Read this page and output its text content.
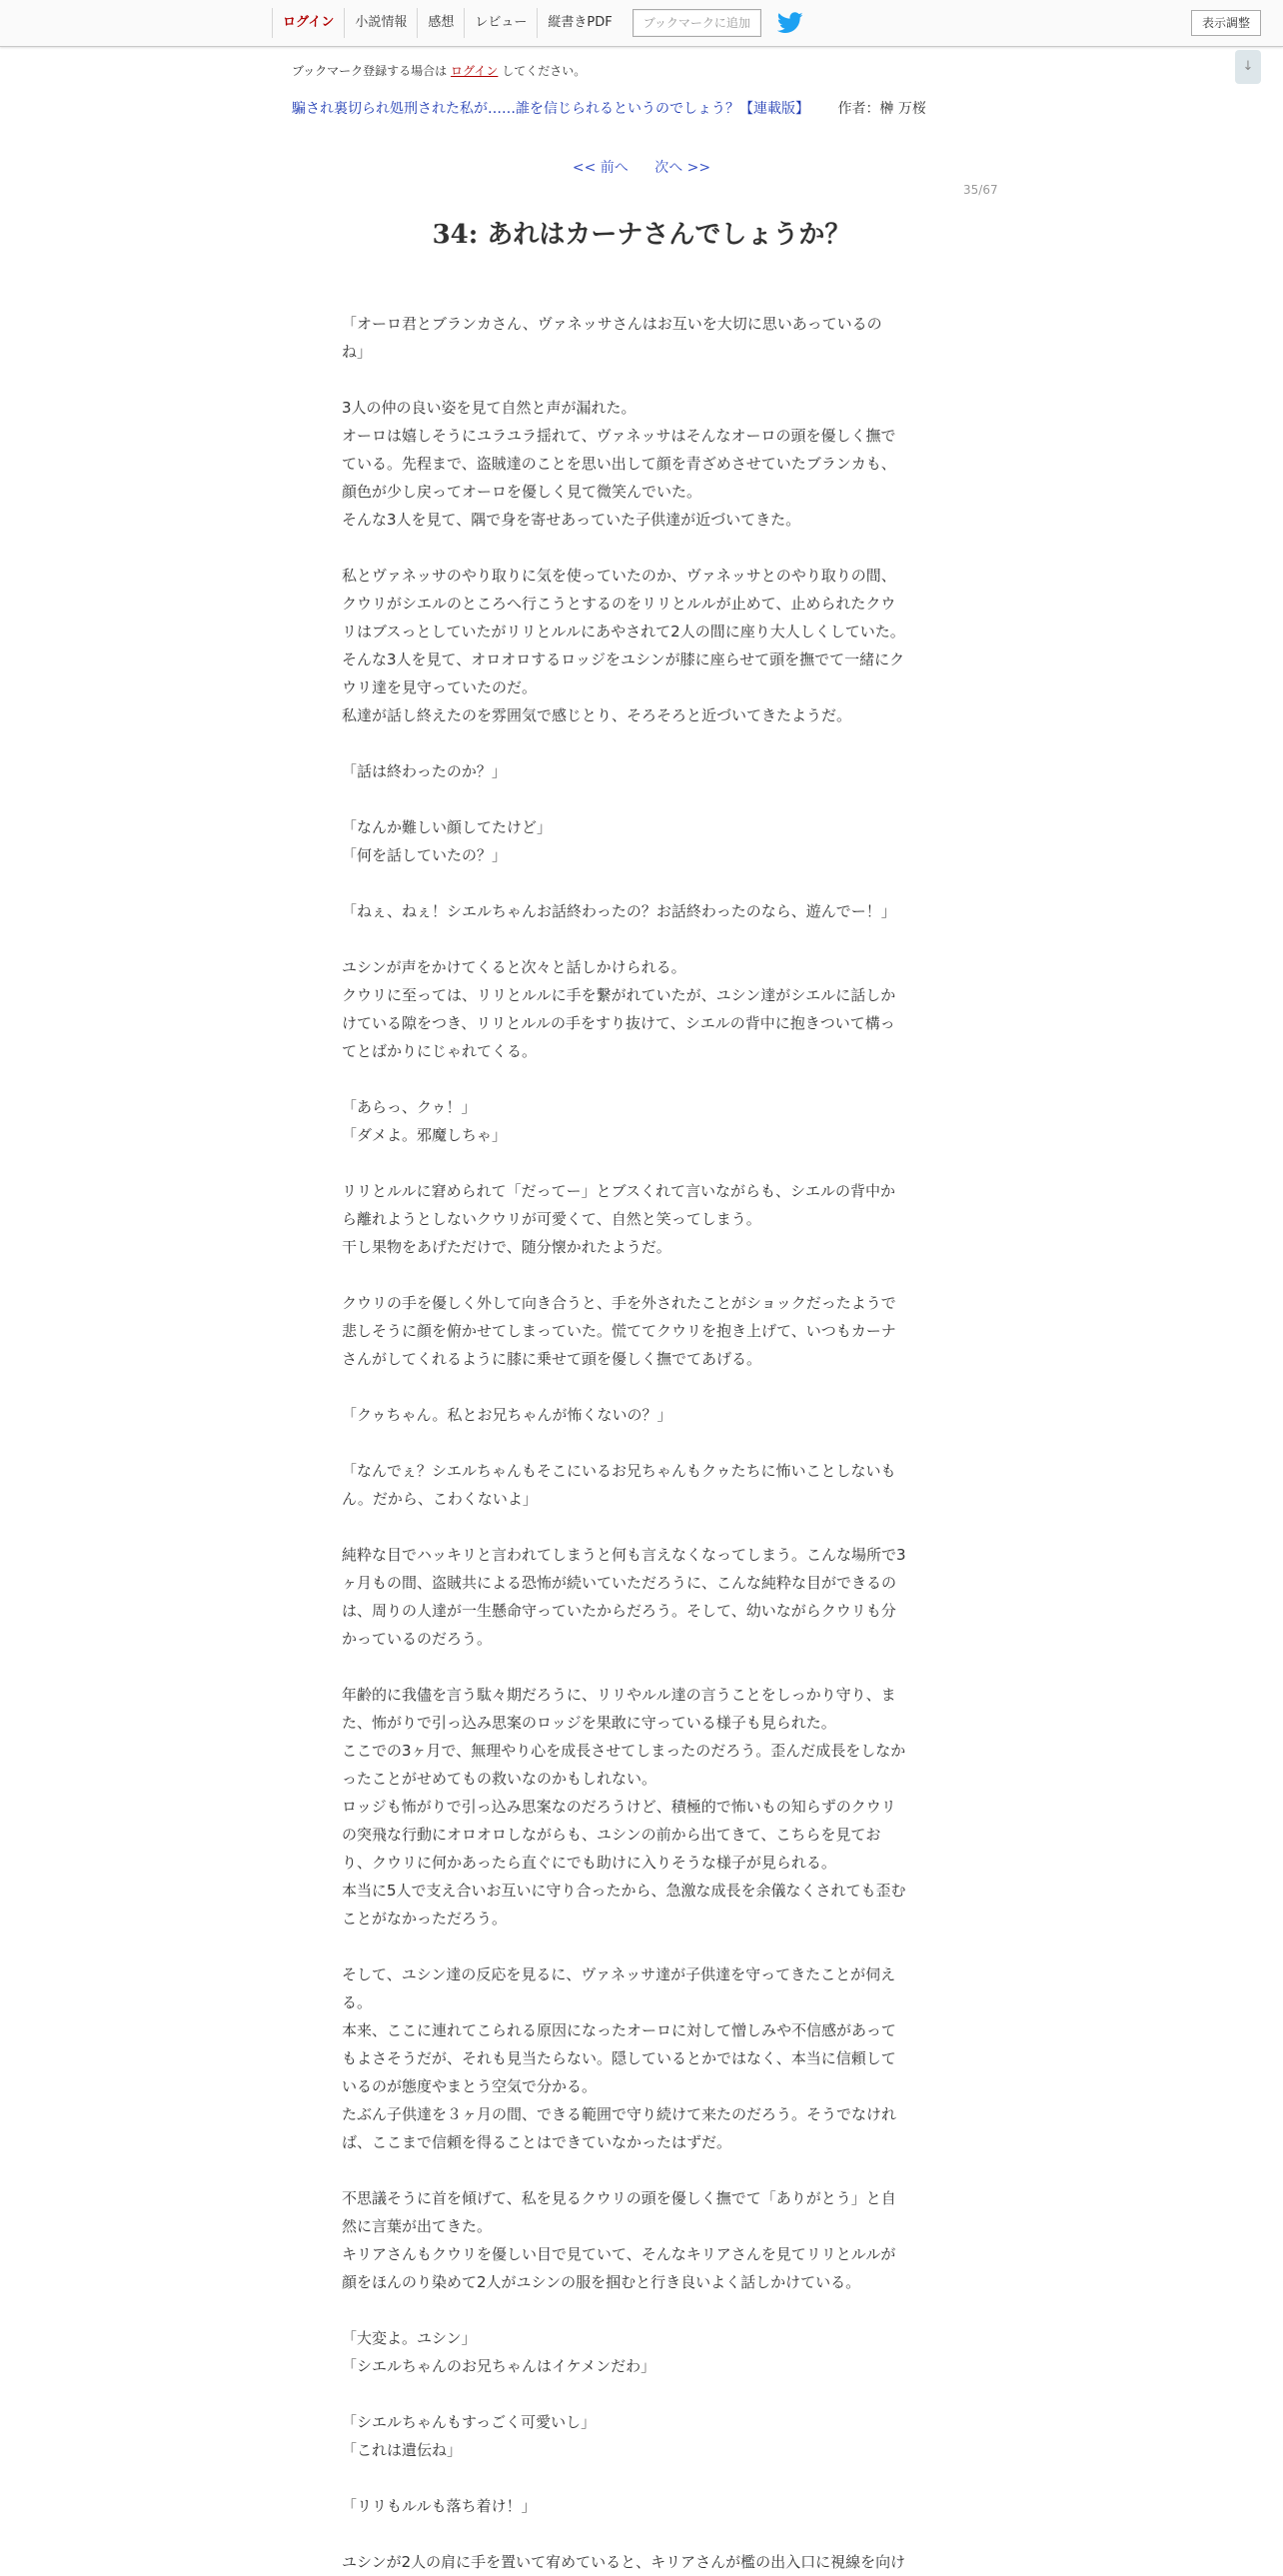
ログイン	小説情報	感想	レビュー	縦書きPDF	ブックマークに追加	表示調整
↓
ブックマーク登録する場合は ログイン してください。
騙され裏切られ処刑された私が……誰を信じられるというのでしょう？【連載版】 作者：榊 万桜
<< 前へ 次へ >>
35/67
34: あれはカーナさんでしょうか？
「オーロ君とブランカさん、ヴァネッサさんはお互いを大切に思いあっているの
ね」
3人の仲の良い姿を見て自然と声が漏れた。
オーロは嬉しそうにユラユラ揺れて、ヴァネッサはそんなオーロの頭を優しく撫で
ている。先程まで、盗賊達のことを思い出して顔を青ざめさせていたブランカも、
顔色が少し戻ってオーロを優しく見て微笑んでいた。
そんな3人を見て、隅で身を寄せあっていた子供達が近づいてきた。
私とヴァネッサのやり取りに気を使っていたのか、ヴァネッサとのやり取りの間、
クウリがシエルのところへ行こうとするのをリリとルルが止めて、止められたクウ
リはブスっとしていたがリリとルルにあやされて2人の間に座り大人しくしていた。
そんな3人を見て、オロオロするロッジをユシンが膝に座らせて頭を撫でて一緒にク
ウリ達を見守っていたのだ。
私達が話し終えたのを雰囲気で感じとり、そろそろと近づいてきたようだ。
「話は終わったのか？」
「なんか難しい顔してたけど」
「何を話していたの？」
「ねぇ、ねぇ！シエルちゃんお話終わったの？お話終わったのなら、遊んでー！」
ユシンが声をかけてくると次々と話しかけられる。
クウリに至っては、リリとルルに手を繋がれていたが、ユシン達がシエルに話しか
けている隙をつき、リリとルルの手をすり抜けて、シエルの背中に抱きついて構っ
てとばかりにじゃれてくる。
「あらっ、クゥ！」
「ダメよ。邪魔しちゃ」
リリとルルに窘められて「だってー」とブスくれて言いながらも、シエルの背中か
ら離れようとしないクウリが可愛くて、自然と笑ってしまう。
干し果物をあげただけで、随分懐かれたようだ。
クウリの手を優しく外して向き合うと、手を外されたことがショックだったようで
悲しそうに顔を俯かせてしまっていた。慌ててクウリを抱き上げて、いつもカーナ
さんがしてくれるように膝に乗せて頭を優しく撫でてあげる。
「クゥちゃん。私とお兄ちゃんが怖くないの？」
「なんでぇ？シエルちゃんもそこにいるお兄ちゃんもクゥたちに怖いことしないも
ん。だから、こわくないよ」
純粋な目でハッキリと言われてしまうと何も言えなくなってしまう。こんな場所で3
ヶ月もの間、盗賊共による恐怖が続いていただろうに、こんな純粋な目ができるの
は、周りの人達が一生懸命守っていたからだろう。そして、幼いながらクウリも分
かっているのだろう。
年齢的に我儘を言う駄々期だろうに、リリやルル達の言うことをしっかり守り、ま
た、怖がりで引っ込み思案のロッジを果敢に守っている様子も見られた。
ここでの3ヶ月で、無理やり心を成長させてしまったのだろう。歪んだ成長をしなか
ったことがせめてもの救いなのかもしれない。
ロッジも怖がりで引っ込み思案なのだろうけど、積極的で怖いもの知らずのクウリ
の突飛な行動にオロオロしながらも、ユシンの前から出てきて、こちらを見てお
り、クウリに何かあったら直ぐにでも助けに入りそうな様子が見られる。
本当に5人で支え合いお互いに守り合ったから、急激な成長を余儀なくされても歪む
ことがなかっただろう。
そして、ユシン達の反応を見るに、ヴァネッサ達が子供達を守ってきたことが伺え
る。
本来、ここに連れてこられる原因になったオーロに対して憎しみや不信感があって
もよさそうだが、それも見当たらない。隠しているとかではなく、本当に信頼して
いるのが態度やまとう空気で分かる。
たぶん子供達を３ヶ月の間、できる範囲で守り続けて来たのだろう。そうでなけれ
ば、ここまで信頼を得ることはできていなかったはずだ。
不思議そうに首を傾げて、私を見るクウリの頭を優しく撫でて「ありがとう」と自
然に言葉が出てきた。
キリアさんもクウリを優しい目で見ていて、そんなキリアさんを見てリリとルルが
顔をほんのり染めて2人がユシンの服を掴むと行き良いよく話しかけている。
「大変よ。ユシン」
「シエルちゃんのお兄ちゃんはイケメンだわ」
「シエルちゃんもすっごく可愛いし」
「これは遺伝ね」
「リリもルルも落ち着け！」
ユシンが2人の肩に手を置いて宥めていると、キリアさんが檻の出入口に視線を向け
